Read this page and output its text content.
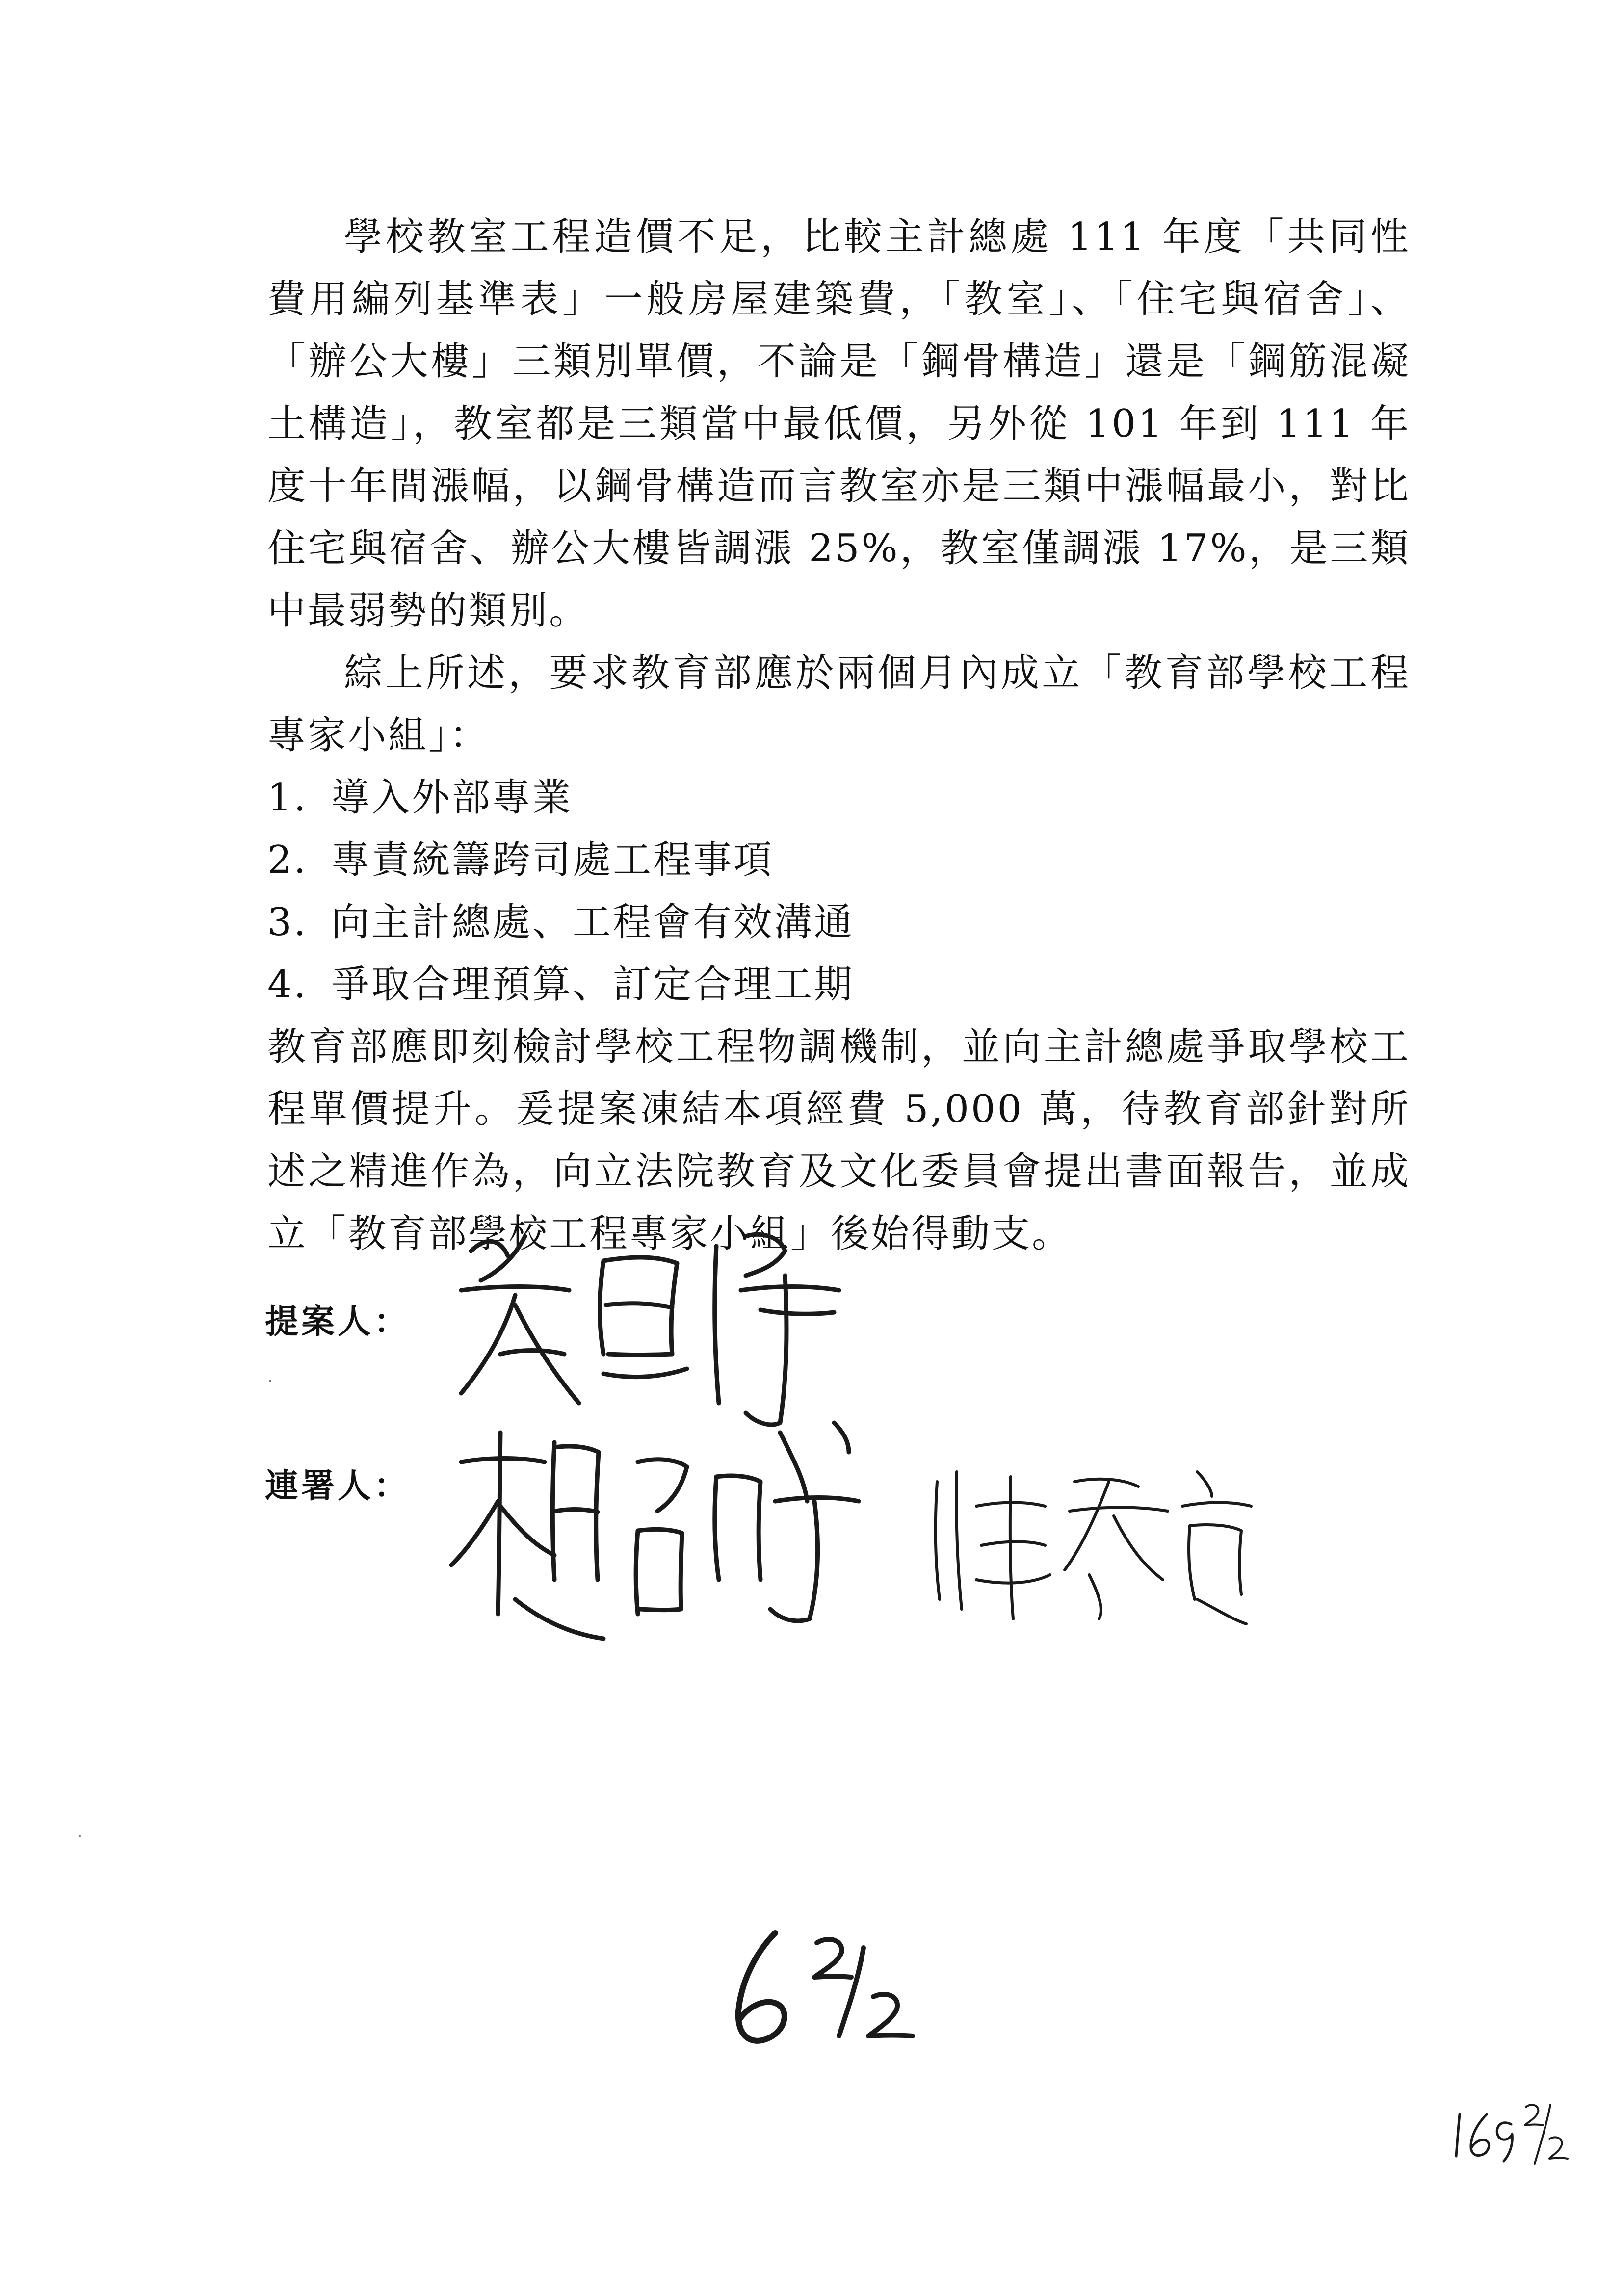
學校教室工程造價不足，比較主計總處 111 年度「共同性費用編列基準表」一般房屋建築費，「教室」、「住宅與宿舍」、「辦公大樓」三類別單價，不論是「鋼骨構造」還是「鋼筋混凝土構造」，教室都是三類當中最低價，另外從 101 年到 111 年度十年間漲幅，以鋼骨構造而言教室亦是三類中漲幅最小，對比住宅與宿舍、辦公大樓皆調漲 25%，教室僅調漲 17%，是三類中最弱勢的類別。

綜上所述，要求教育部應於兩個月內成立「教育部學校工程專家小組」：

1. 導入外部專業
2. 專責統籌跨司處工程事項
3. 向主計總處、工程會有效溝通
4. 爭取合理預算、訂定合理工期

教育部應即刻檢討學校工程物調機制，並向主計總處爭取學校工程單價提升。爰提案凍結本項經費 5,000 萬，待教育部針對所述之精進作為，向立法院教育及文化委員會提出書面報告，並成立「教育部學校工程專家小組」後始得動支。

提案人：
連署人：
